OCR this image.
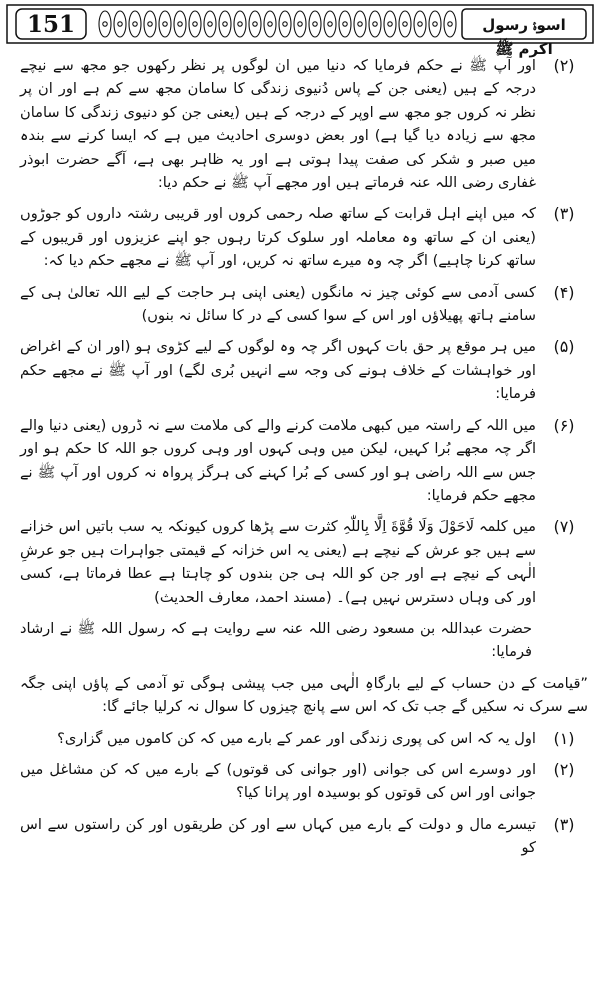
151	اسوۂ رسول اکرم ﷺ
(۲)
اور آپ ﷺ نے حکم فرمایا کہ دنیا میں ان لوگوں پر نظر رکھوں جو مجھ سے نیچے درجہ کے ہیں (یعنی جن کے پاس دُنیوی زندگی کا سامان مجھ سے کم ہے اور ان پر نظر نہ کروں جو مجھ سے اوپر کے درجہ کے ہیں (یعنی جن کو دنیوی زندگی کا سامان مجھ سے زیادہ دیا گیا ہے) اور بعض دوسری احادیث میں ہے کہ ایسا کرنے سے بندہ میں صبر و شکر کی صفت پیدا ہوتی ہے اور یہ ظاہر بھی ہے، آگے حضرت ابوذر غفاری رضی اللہ عنہ فرماتے ہیں اور مجھے آپ ﷺ نے حکم دیا:
(۳)
کہ میں اپنے اہل قرابت کے ساتھ صلہ رحمی کروں اور قریبی رشتہ داروں کو جوڑوں (یعنی ان کے ساتھ وہ معاملہ اور سلوک کرتا رہوں جو اپنے عزیزوں اور قریبوں کے ساتھ کرنا چاہیے) اگر چہ وہ میرے ساتھ نہ کریں، اور آپ ﷺ نے مجھے حکم دیا کہ:
(۴)
کسی آدمی سے کوئی چیز نہ مانگوں (یعنی اپنی ہر حاجت کے لیے اللہ تعالیٰ ہی کے سامنے ہاتھ پھیلاؤں اور اس کے سوا کسی کے در کا سائل نہ بنوں)
(۵)
میں ہر موقع پر حق بات کہوں اگر چہ وہ لوگوں کے لیے کڑوی ہو (اور ان کے اغراض اور خواہشات کے خلاف ہونے کی وجہ سے انہیں بُری لگے) اور آپ ﷺ نے مجھے حکم فرمایا:
(۶)
میں اللہ کے راستہ میں کبھی ملامت کرنے والے کی ملامت سے نہ ڈروں (یعنی دنیا والے اگر چہ مجھے بُرا کہیں، لیکن میں وہی کہوں اور وہی کروں جو اللہ کا حکم ہو اور جس سے اللہ راضی ہو اور کسی کے بُرا کہنے کی ہرگز پرواہ نہ کروں اور آپ ﷺ نے مجھے حکم فرمایا:
(۷)
میں کلمہ لَاحَوْلَ وَلَا قُوَّةَ اِلَّا بِاللّٰہِ کثرت سے پڑھا کروں کیونکہ یہ سب باتیں اس خزانے سے ہیں جو عرش کے نیچے ہے (یعنی یہ اس خزانہ کے قیمتی جواہرات ہیں جو عرشِ الٰہی کے نیچے ہے اور جن کو اللہ ہی جن بندوں کو چاہتا ہے عطا فرماتا ہے، کسی اور کی وہاں دسترس نہیں ہے)۔ (مسند احمد، معارف الحدیث)
حضرت عبداللہ بن مسعود رضی اللہ عنہ سے روایت ہے کہ رسول اللہ ﷺ نے ارشاد فرمایا:
”قیامت کے دن حساب کے لیے بارگاہِ الٰہی میں جب پیشی ہوگی تو آدمی کے پاؤں اپنی جگہ سے سرک نہ سکیں گے جب تک کہ اس سے پانچ چیزوں کا سوال نہ کرلیا جائے گا:
(۱)
اول یہ کہ اس کی پوری زندگی اور عمر کے بارے میں کہ کن کاموں میں گزاری؟
(۲)
اور دوسرے اس کی جوانی (اور جوانی کی قوتوں) کے بارے میں کہ کن مشاغل میں جوانی اور اس کی قوتوں کو بوسیدہ اور پرانا کیا؟
(۳)
تیسرے مال و دولت کے بارے میں کہاں سے اور کن طریقوں اور کن راستوں سے اس کو
